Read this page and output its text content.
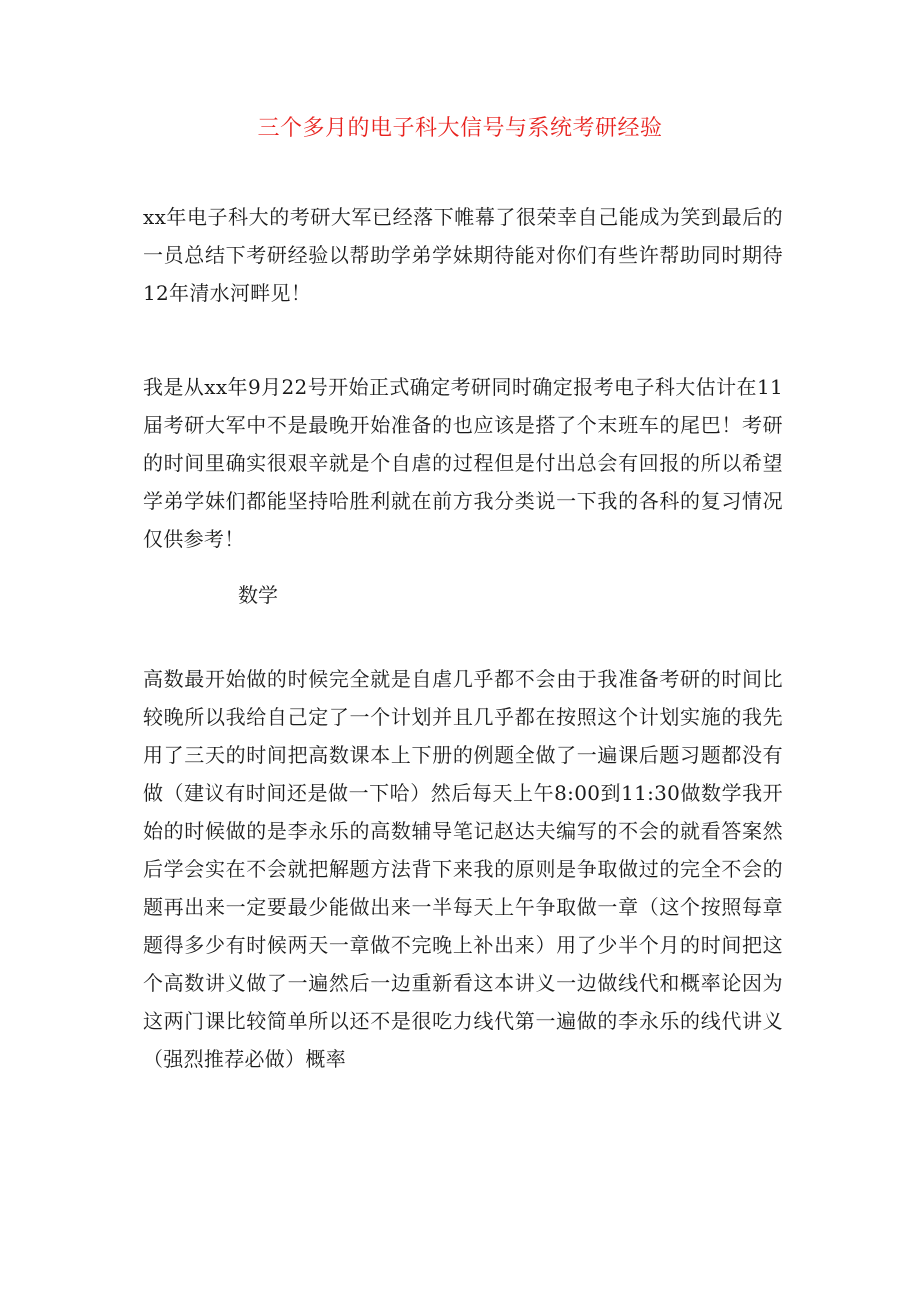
三个多月的电子科大信号与系统考研经验

xx年电子科大的考研大军已经落下帷幕了很荣幸自己能成为笑到最后的一员总结下考研经验以帮助学弟学妹期待能对你们有些许帮助同时期待12年清水河畔见！

我是从xx年9月22号开始正式确定考研同时确定报考电子科大估计在11届考研大军中不是最晚开始准备的也应该是搭了个末班车的尾巴！考研的时间里确实很艰辛就是个自虐的过程但是付出总会有回报的所以希望学弟学妹们都能坚持哈胜利就在前方我分类说一下我的各科的复习情况仅供参考！

数学

高数最开始做的时候完全就是自虐几乎都不会由于我准备考研的时间比较晚所以我给自己定了一个计划并且几乎都在按照这个计划实施的我先用了三天的时间把高数课本上下册的例题全做了一遍课后题习题都没有做（建议有时间还是做一下哈）然后每天上午8:00到11:30做数学我开始的时候做的是李永乐的高数辅导笔记赵达夫编写的不会的就看答案然后学会实在不会就把解题方法背下来我的原则是争取做过的完全不会的题再出来一定要最少能做出来一半每天上午争取做一章（这个按照每章题得多少有时候两天一章做不完晚上补出来）用了少半个月的时间把这个高数讲义做了一遍然后一边重新看这本讲义一边做线代和概率论因为这两门课比较简单所以还不是很吃力线代第一遍做的李永乐的线代讲义（强烈推荐必做）概率
